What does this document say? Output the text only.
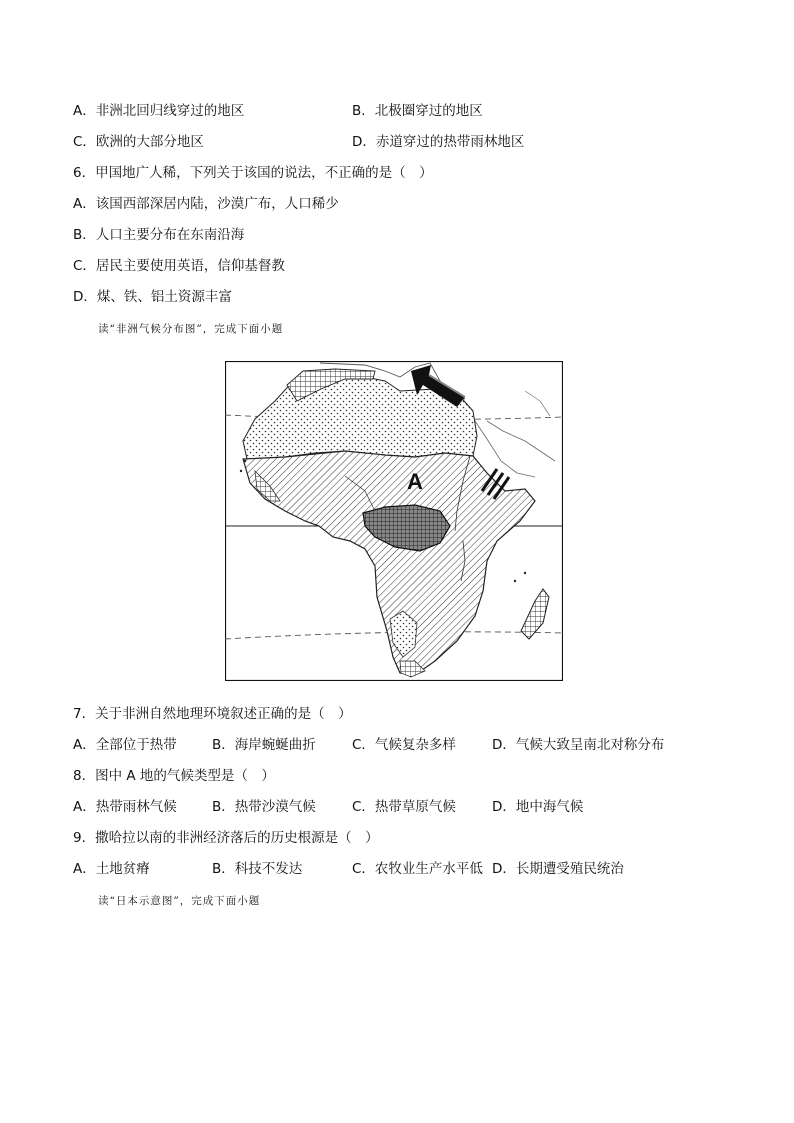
A．非洲北回归线穿过的地区	B．北极圈穿过的地区
C．欧洲的大部分地区	D．赤道穿过的热带雨林地区
6．甲国地广人稀，下列关于该国的说法，不正确的是（　）
A．该国西部深居内陆，沙漠广布，人口稀少
B．人口主要分布在东南沿海
C．居民主要使用英语，信仰基督教
D．煤、铁、铝土资源丰富
读“非洲气候分布图”，完成下面小题
A
7．关于非洲自然地理环境叙述正确的是（　）
A．全部位于热带	B．海岸蜿蜒曲折	C．气候复杂多样	D．气候大致呈南北对称分布
8．图中 A 地的气候类型是（　）
A．热带雨林气候	B．热带沙漠气候	C．热带草原气候	D．地中海气候
9．撒哈拉以南的非洲经济落后的历史根源是（　）
A．土地贫瘠	B．科技不发达	C．农牧业生产水平低 D．长期遭受殖民统治
读“日本示意图”，完成下面小题
